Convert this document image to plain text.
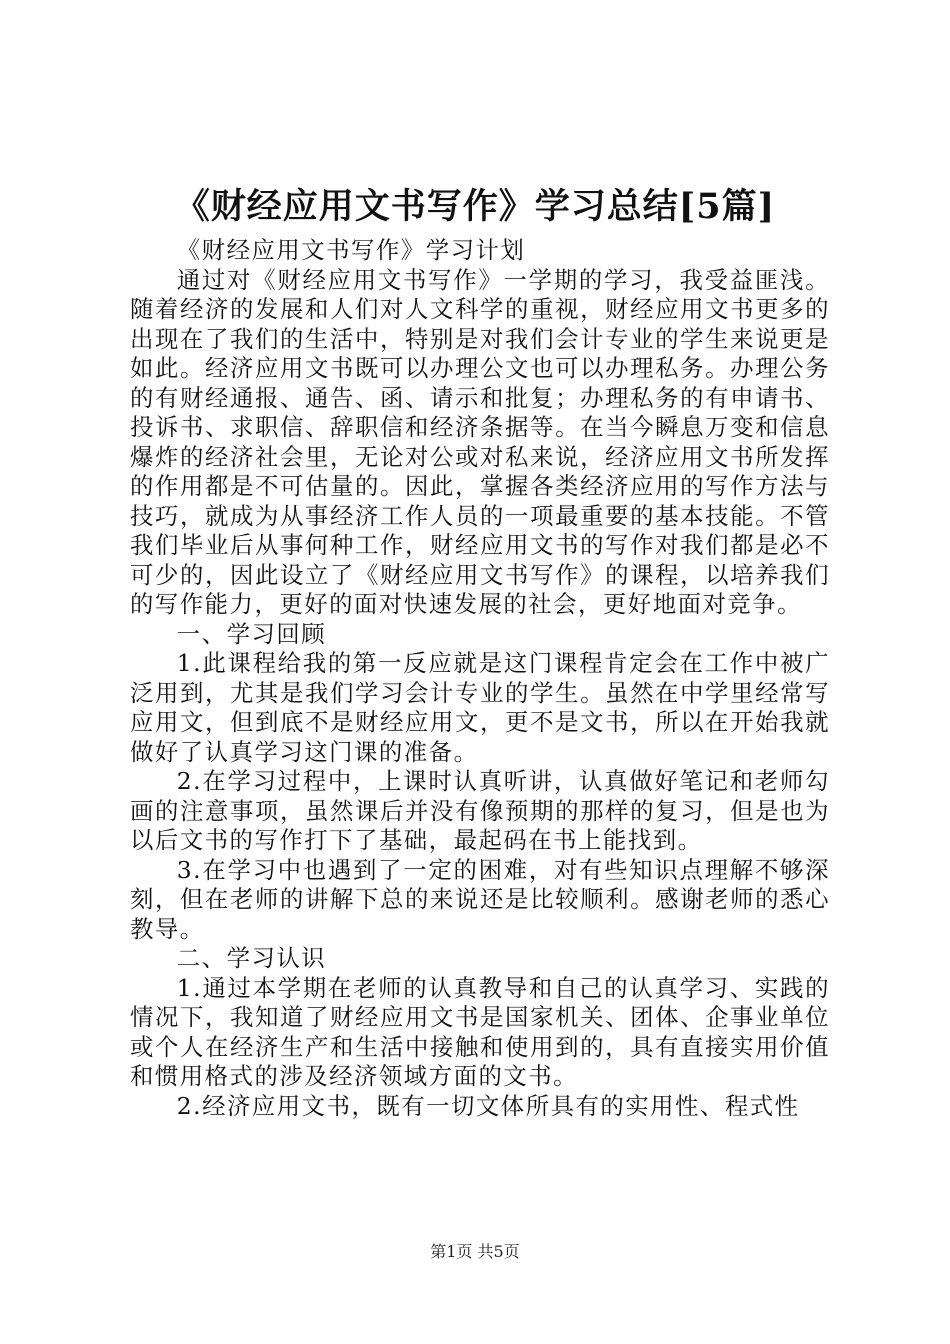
《财经应用文书写作》学习总结[5篇]

《财经应用文书写作》学习计划

通过对《财经应用文书写作》一学期的学习，我受益匪浅。随着经济的发展和人们对人文科学的重视，财经应用文书更多的出现在了我们的生活中，特别是对我们会计专业的学生来说更是如此。经济应用文书既可以办理公文也可以办理私务。办理公务的有财经通报、通告、函、请示和批复；办理私务的有申请书、投诉书、求职信、辞职信和经济条据等。在当今瞬息万变和信息爆炸的经济社会里，无论对公或对私来说，经济应用文书所发挥的作用都是不可估量的。因此，掌握各类经济应用的写作方法与技巧，就成为从事经济工作人员的一项最重要的基本技能。不管我们毕业后从事何种工作，财经应用文书的写作对我们都是必不可少的，因此设立了《财经应用文书写作》的课程，以培养我们的写作能力，更好的面对快速发展的社会，更好地面对竞争。

一、学习回顾

1.此课程给我的第一反应就是这门课程肯定会在工作中被广泛用到，尤其是我们学习会计专业的学生。虽然在中学里经常写应用文，但到底不是财经应用文，更不是文书，所以在开始我就做好了认真学习这门课的准备。

2.在学习过程中，上课时认真听讲，认真做好笔记和老师勾画的注意事项，虽然课后并没有像预期的那样的复习，但是也为以后文书的写作打下了基础，最起码在书上能找到。

3.在学习中也遇到了一定的困难，对有些知识点理解不够深刻，但在老师的讲解下总的来说还是比较顺利。感谢老师的悉心教导。

二、学习认识

1.通过本学期在老师的认真教导和自己的认真学习、实践的情况下，我知道了财经应用文书是国家机关、团体、企事业单位或个人在经济生产和生活中接触和使用到的，具有直接实用价值和惯用格式的涉及经济领域方面的文书。

2.经济应用文书，既有一切文体所具有的实用性、程式性

第1页 共5页
